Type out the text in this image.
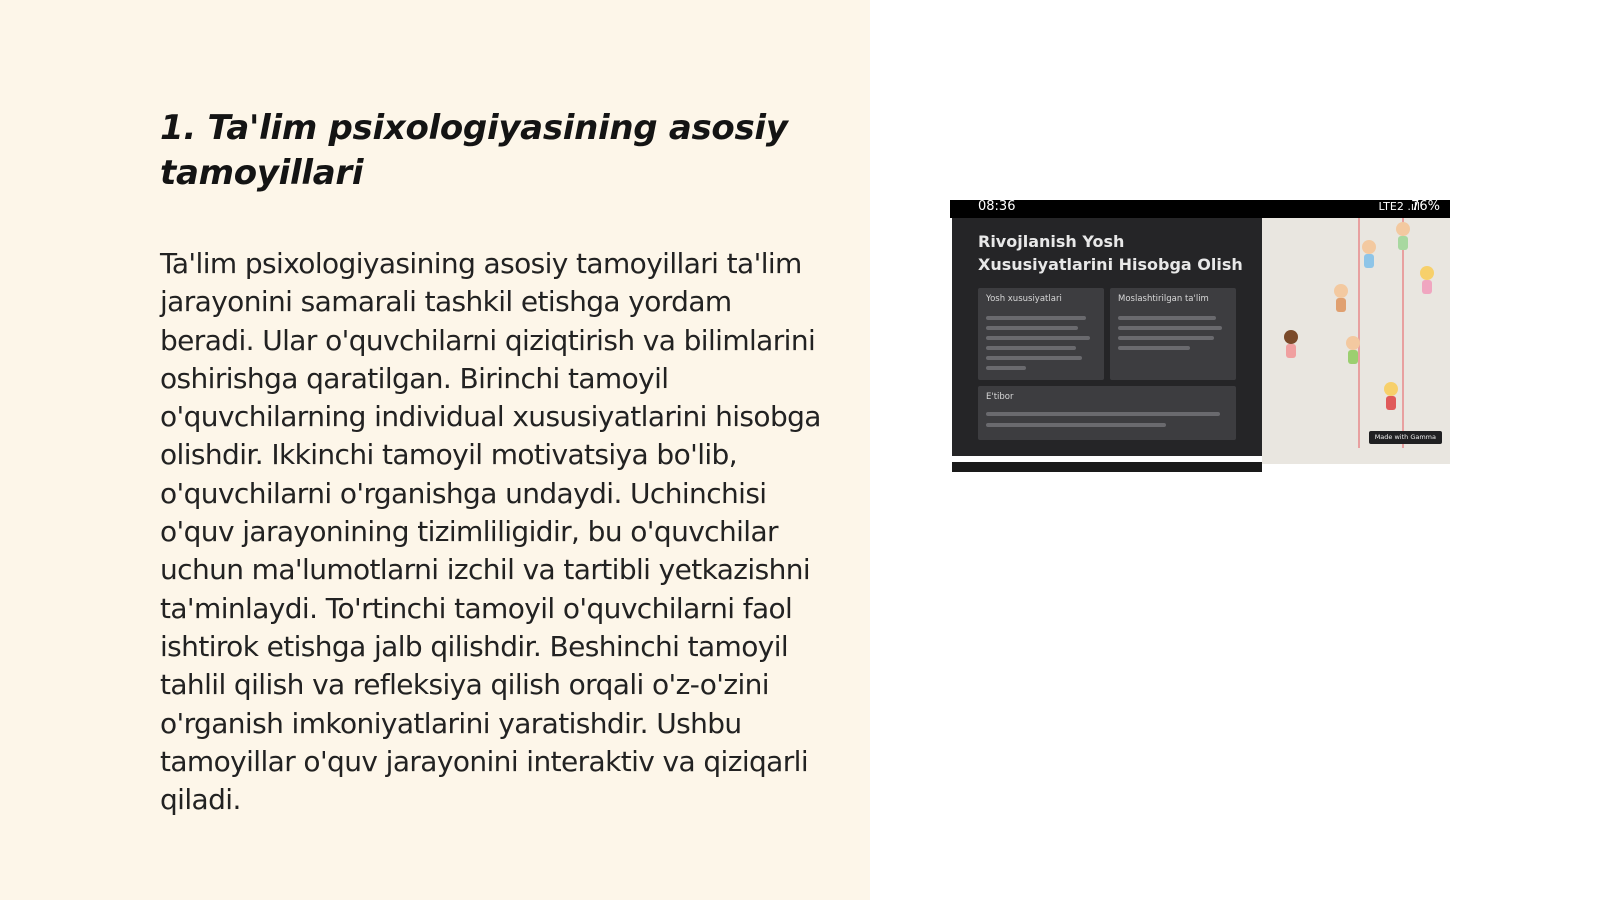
1. Ta'lim psixologiyasining asosiy tamoyillari

Ta'lim psixologiyasining asosiy tamoyillari ta'lim jarayonini samarali tashkil etishga yordam beradi. Ular o'quvchilarni qiziqtirish va bilimlarini oshirishga qaratilgan. Birinchi tamoyil o'quvchilarning individual xususiyatlarini hisobga olishdir. Ikkinchi tamoyil motivatsiya bo'lib, o'quvchilarni o'rganishga undaydi. Uchinchisi o'quv jarayonining tizimliligidir, bu o'quvchilar uchun ma'lumotlarni izchil va tartibli yetkazishni ta'minlaydi. To'rtinchi tamoyil o'quvchilarni faol ishtirok etishga jalb qilishdir. Beshinchi tamoyil tahlil qilish va refleksiya qilish orqali o'z-o'zini o'rganish imkoniyatlarini yaratishdir. Ushbu tamoyillar o'quv jarayonini interaktiv va qiziqarli qiladi.

08:36	LTE2 .ıll
76%
Rivojlanish Yosh Xususiyatlarini Hisobga Olish
Yosh xususiyatlari	Moslashtirilgan ta'lim
E'tibor
Made with Gamma
